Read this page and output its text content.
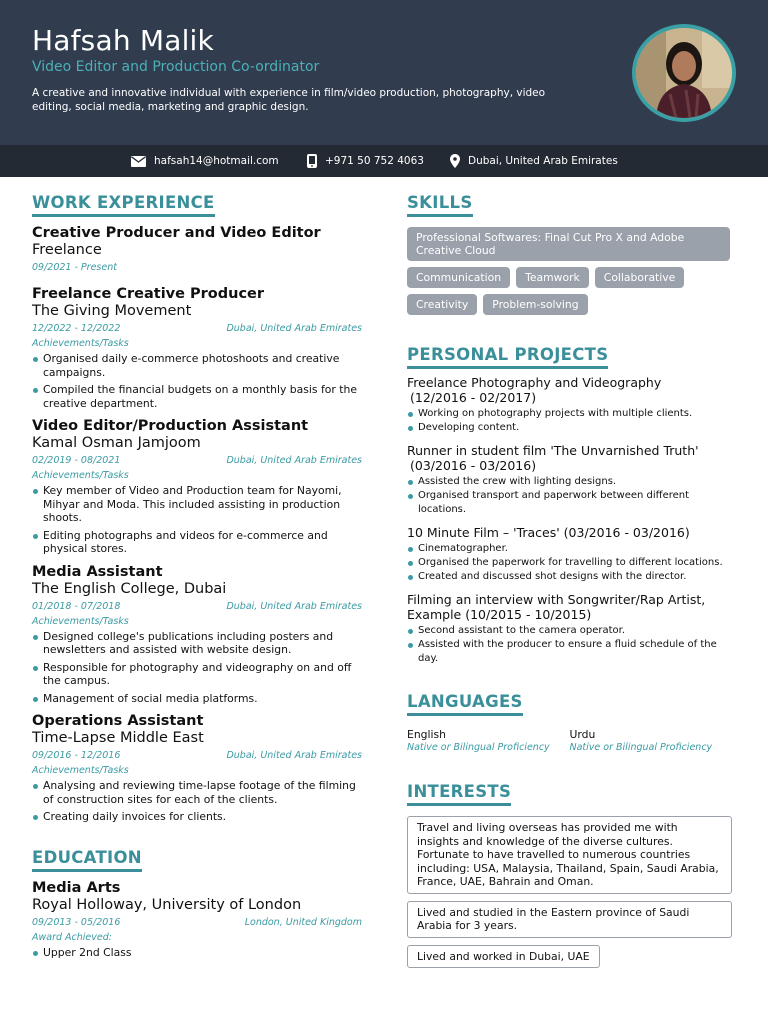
Hafsah Malik
Video Editor and Production Co-ordinator
A creative and innovative individual with experience in film/video production, photography, video editing, social media, marketing and graphic design.
hafsah14@hotmail.com	+971 50 752 4063	Dubai, United Arab Emirates
WORK EXPERIENCE
Creative Producer and Video Editor
Freelance
09/2021 - Present
Freelance Creative Producer
The Giving Movement
12/2022 - 12/2022	Dubai, United Arab Emirates
Achievements/Tasks
Organised daily e-commerce photoshoots and creative campaigns.
Compiled the financial budgets on a monthly basis for the creative department.
Video Editor/Production Assistant
Kamal Osman Jamjoom
02/2019 - 08/2021	Dubai, United Arab Emirates
Achievements/Tasks
Key member of Video and Production team for Nayomi, Mihyar and Moda. This included assisting in production shoots.
Editing photographs and videos for e-commerce and physical stores.
Media Assistant
The English College, Dubai
01/2018 - 07/2018	Dubai, United Arab Emirates
Achievements/Tasks
Designed college's publications including posters and newsletters and assisted with website design.
Responsible for photography and videography on and off the campus.
Management of social media platforms.
Operations Assistant
Time-Lapse Middle East
09/2016 - 12/2016	Dubai, United Arab Emirates
Achievements/Tasks
Analysing and reviewing time-lapse footage of the filming of construction sites for each of the clients.
Creating daily invoices for clients.
EDUCATION
Media Arts
Royal Holloway, University of London
09/2013 - 05/2016	London, United Kingdom
Award Achieved:
Upper 2nd Class
SKILLS
Professional Softwares: Final Cut Pro X and Adobe Creative Cloud
Communication	Teamwork	Collaborative
Creativity	Problem-solving
PERSONAL PROJECTS
Freelance Photography and Videography
(12/2016 - 02/2017)
Working on photography projects with multiple clients.
Developing content.
Runner in student film 'The Unvarnished Truth'
(03/2016 - 03/2016)
Assisted the crew with lighting designs.
Organised transport and paperwork between different locations.
10 Minute Film – 'Traces' (03/2016 - 03/2016)
Cinematographer.
Organised the paperwork for travelling to different locations.
Created and discussed shot designs with the director.
Filming an interview with Songwriter/Rap Artist, Example (10/2015 - 10/2015)
Second assistant to the camera operator.
Assisted with the producer to ensure a fluid schedule of the day.
LANGUAGES
English
Native or Bilingual Proficiency
Urdu
Native or Bilingual Proficiency
INTERESTS
Travel and living overseas has provided me with insights and knowledge of the diverse cultures. Fortunate to have travelled to numerous countries including: USA, Malaysia, Thailand, Spain, Saudi Arabia, France, UAE, Bahrain and Oman.
Lived and studied in the Eastern province of Saudi Arabia for 3 years.
Lived and worked in Dubai, UAE
